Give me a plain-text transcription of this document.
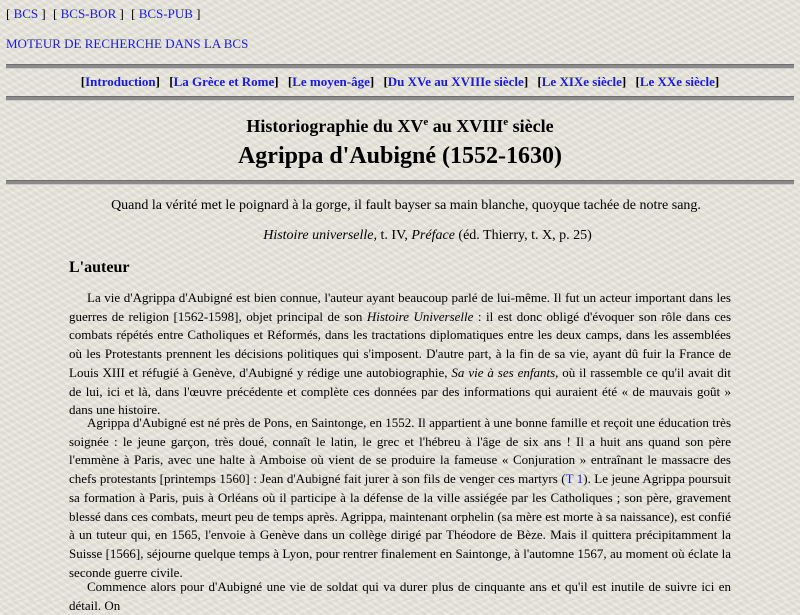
[ BCS ] [ BCS-BOR ] [ BCS-PUB ]
MOTEUR DE RECHERCHE DANS LA BCS
[Introduction] [La Grèce et Rome] [Le moyen-âge] [Du XVe au XVIIIe siècle] [Le XIXe siècle] [Le XXe siècle]
Historiographie du XVe au XVIIIe siècle
Agrippa d'Aubigné (1552-1630)
Quand la vérité met le poignard à la gorge, il fault bayser sa main blanche, quoyque tachée de notre sang.
Histoire universelle, t. IV, Préface (éd. Thierry, t. X, p. 25)
L'auteur

La vie d'Agrippa d'Aubigné est bien connue, l'auteur ayant beaucoup parlé de lui-même. Il fut un acteur important dans les guerres de religion [1562-1598], objet principal de son Histoire Universelle : il est donc obligé d'évoquer son rôle dans ces combats répétés entre Catholiques et Réformés, dans les tractations diplomatiques entre les deux camps, dans les assemblées où les Protestants prennent les décisions politiques qui s'imposent. D'autre part, à la fin de sa vie, ayant dû fuir la France de Louis XIII et réfugié à Genève, d'Aubigné y rédige une autobiographie, Sa vie à ses enfants, où il rassemble ce qu'il avait dit de lui, ici et là, dans l'œuvre précédente et complète ces données par des informations qui auraient été « de mauvais goût » dans une histoire.

Agrippa d'Aubigné est né près de Pons, en Saintonge, en 1552. Il appartient à une bonne famille et reçoit une éducation très soignée : le jeune garçon, très doué, connaît le latin, le grec et l'hébreu à l'âge de six ans ! Il a huit ans quand son père l'emmène à Paris, avec une halte à Amboise où vient de se produire la fameuse « Conjuration » entraînant le massacre des chefs protestants [printemps 1560] : Jean d'Aubigné fait jurer à son fils de venger ces martyrs (T 1). Le jeune Agrippa poursuit sa formation à Paris, puis à Orléans où il participe à la défense de la ville assiégée par les Catholiques ; son père, gravement blessé dans ces combats, meurt peu de temps après. Agrippa, maintenant orphelin (sa mère est morte à sa naissance), est confié à un tuteur qui, en 1565, l'envoie à Genève dans un collège dirigé par Théodore de Bèze. Mais il quittera précipitamment la Suisse [1566], séjourne quelque temps à Lyon, pour rentrer finalement en Saintonge, à l'automne 1567, au moment où éclate la seconde guerre civile.

Commence alors pour d'Aubigné une vie de soldat qui va durer plus de cinquante ans et qu'il est inutile de suivre ici en détail. On
